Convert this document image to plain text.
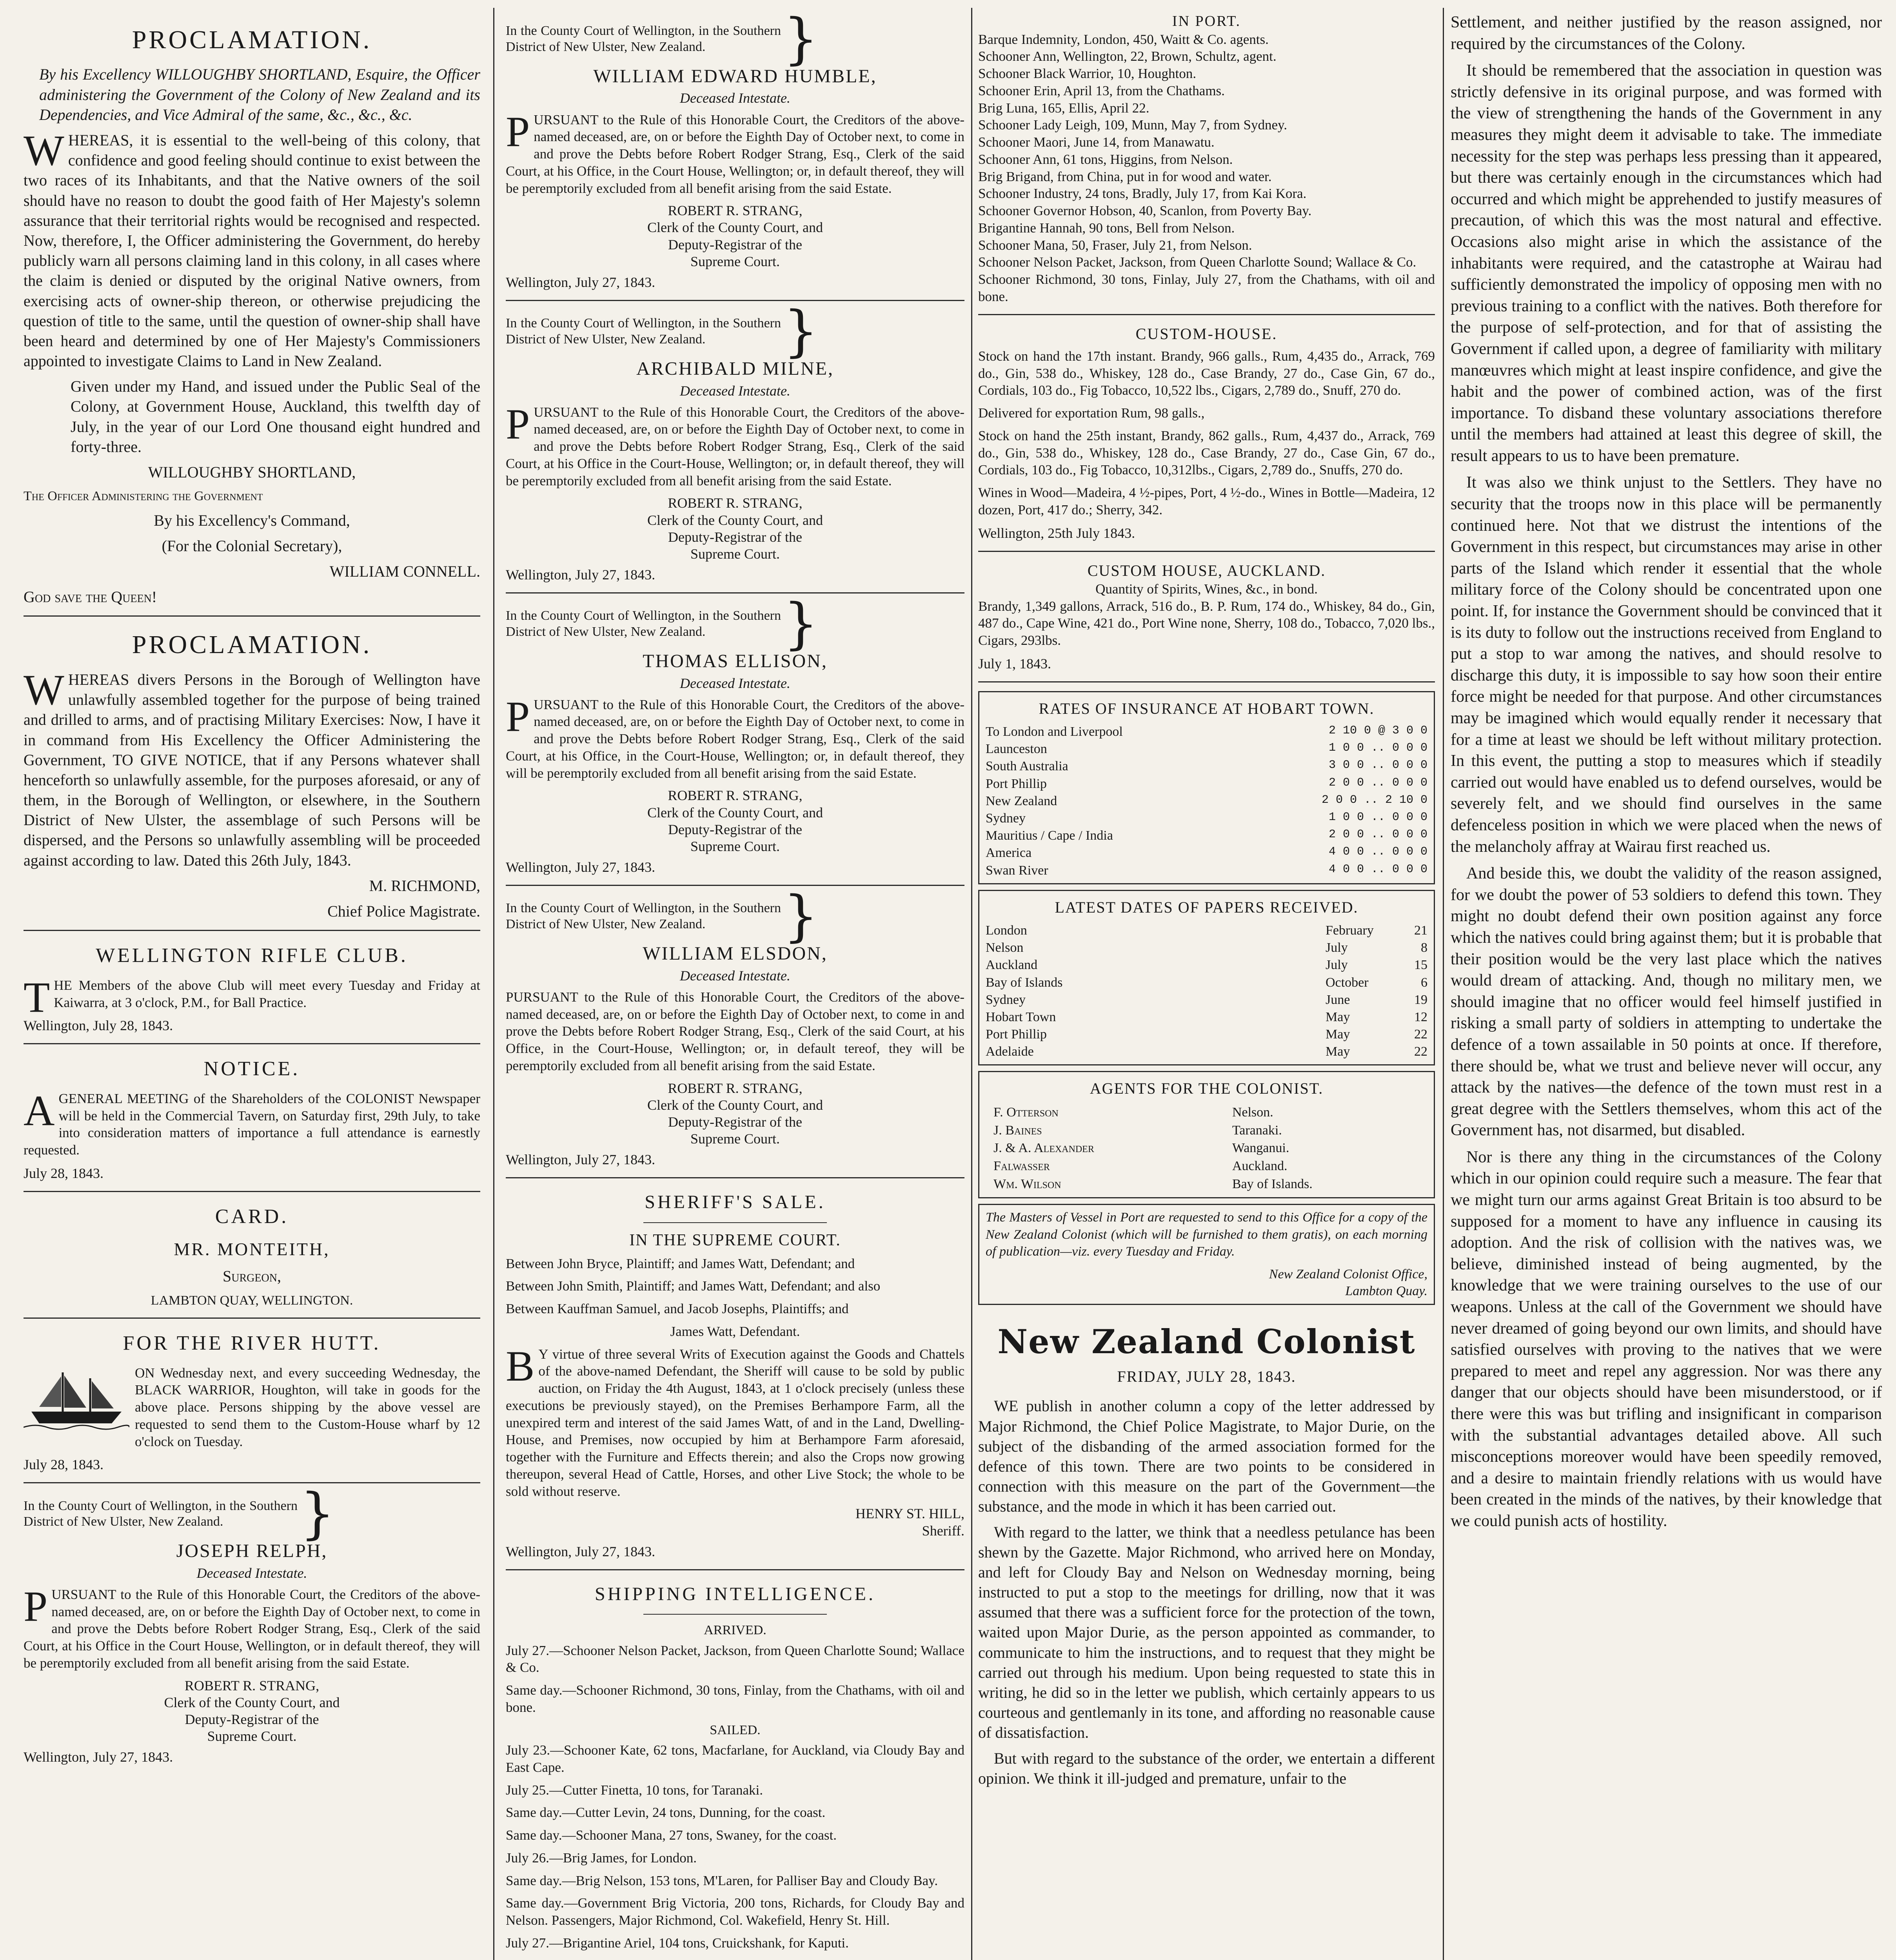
PROCLAMATION.

By his Excellency WILLOUGHBY SHORTLAND, Esquire, the Officer administering the Government of the Colony of New Zealand and its Dependencies, and Vice Admiral of the same, &c., &c., &c.

WHEREAS, it is essential to the well-being of this colony, that confidence and good feeling should continue to exist between the two races of its Inhabitants, and that the Native owners of the soil should have no reason to doubt the good faith of Her Majesty's solemn assurance that their territorial rights would be recognised and respected. Now, therefore, I, the Officer administering the Government, do hereby publicly warn all persons claiming land in this colony, in all cases where the claim is denied or disputed by the original Native owners, from exercising acts of owner-ship thereon, or otherwise prejudicing the question of title to the same, until the question of owner-ship shall have been heard and determined by one of Her Majesty's Commissioners appointed to investigate Claims to Land in New Zealand.

Given under my Hand, and issued under the Public Seal of the Colony, at Government House, Auckland, this twelfth day of July, in the year of our Lord One thousand eight hundred and forty-three.

WILLOUGHBY SHORTLAND,

The Officer Administering the Government

By his Excellency's Command,

(For the Colonial Secretary),

WILLIAM CONNELL.

God save the Queen!

PROCLAMATION.

WHEREAS divers Persons in the Borough of Wellington have unlawfully assembled together for the purpose of being trained and drilled to arms, and of practising Military Exercises: Now, I have it in command from His Excellency the Officer Administering the Government, TO GIVE NOTICE, that if any Persons whatever shall henceforth so unlawfully assemble, for the purposes aforesaid, or any of them, in the Borough of Wellington, or elsewhere, in the Southern District of New Ulster, the assemblage of such Persons will be dispersed, and the Persons so unlawfully assembling will be proceeded against according to law. Dated this 26th July, 1843.

M. RICHMOND,

Chief Police Magistrate.

WELLINGTON RIFLE CLUB.

THE Members of the above Club will meet every Tuesday and Friday at Kaiwarra, at 3 o'clock, P.M., for Ball Practice.

Wellington, July 28, 1843.

NOTICE.

AGENERAL MEETING of the Shareholders of the COLONIST Newspaper will be held in the Commercial Tavern, on Saturday first, 29th July, to take into consideration matters of importance a full attendance is earnestly requested.

July 28, 1843.

CARD.

MR. MONTEITH,

Surgeon,

LAMBTON QUAY, WELLINGTON.

FOR THE RIVER HUTT.

ON Wednesday next, and every succeeding Wednesday, the BLACK WARRIOR, Houghton, will take in goods for the above place. Persons shipping by the above vessel are requested to send them to the Custom-House wharf by 12 o'clock on Tuesday.

July 28, 1843.

In the County Court of Wellington, in the Southern District of New Ulster, New Zealand.	}
JOSEPH RELPH,
Deceased Intestate.

PURSUANT to the Rule of this Honorable Court, the Creditors of the above-named deceased, are, on or before the Eighth Day of October next, to come in and prove the Debts before Robert Rodger Strang, Esq., Clerk of the said Court, at his Office in the Court House, Wellington, or in default thereof, they will be peremptorily excluded from all benefit arising from the said Estate.

ROBERT R. STRANG,
Clerk of the County Court, and
Deputy-Registrar of the
Supreme Court.

Wellington, July 27, 1843.

In the County Court of Wellington, in the Southern District of New Ulster, New Zealand.	}
WILLIAM EDWARD HUMBLE,
Deceased Intestate.

PURSUANT to the Rule of this Honorable Court, the Creditors of the above-named deceased, are, on or before the Eighth Day of October next, to come in and prove the Debts before Robert Rodger Strang, Esq., Clerk of the said Court, at his Office, in the Court House, Wellington; or, in default thereof, they will be peremptorily excluded from all benefit arising from the said Estate.

ROBERT R. STRANG,
Clerk of the County Court, and
Deputy-Registrar of the
Supreme Court.

Wellington, July 27, 1843.

In the County Court of Wellington, in the Southern District of New Ulster, New Zealand.	}
ARCHIBALD MILNE,
Deceased Intestate.

PURSUANT to the Rule of this Honorable Court, the Creditors of the above-named deceased, are, on or before the Eighth Day of October next, to come in and prove the Debts before Robert Rodger Strang, Esq., Clerk of the said Court, at his Office in the Court-House, Wellington; or, in default thereof, they will be peremptorily excluded from all benefit arising from the said Estate.

ROBERT R. STRANG,
Clerk of the County Court, and
Deputy-Registrar of the
Supreme Court.

Wellington, July 27, 1843.

In the County Court of Wellington, in the Southern District of New Ulster, New Zealand.	}
THOMAS ELLISON,
Deceased Intestate.

PURSUANT to the Rule of this Honorable Court, the Creditors of the above-named deceased, are, on or before the Eighth Day of October next, to come in and prove the Debts before Robert Rodger Strang, Esq., Clerk of the said Court, at his Office, in the Court-House, Wellington; or, in default thereof, they will be peremptorily excluded from all benefit arising from the said Estate.

ROBERT R. STRANG,
Clerk of the County Court, and
Deputy-Registrar of the
Supreme Court.

Wellington, July 27, 1843.

In the County Court of Wellington, in the Southern District of New Ulster, New Zealand.	}
WILLIAM ELSDON,
Deceased Intestate.

PURSUANT to the Rule of this Honorable Court, the Creditors of the above-named deceased, are, on or before the Eighth Day of October next, to come in and prove the Debts before Robert Rodger Strang, Esq., Clerk of the said Court, at his Office, in the Court-House, Wellington; or, in default tereof, they will be peremptorily excluded from all benefit arising from the said Estate.

ROBERT R. STRANG,
Clerk of the County Court, and
Deputy-Registrar of the
Supreme Court.

Wellington, July 27, 1843.

SHERIFF'S SALE.
IN THE SUPREME COURT.

Between John Bryce, Plaintiff; and James Watt, Defendant; and

Between John Smith, Plaintiff; and James Watt, Defendant; and also

Between Kauffman Samuel, and Jacob Josephs, Plaintiffs; and

James Watt, Defendant.

BY virtue of three several Writs of Execution against the Goods and Chattels of the above-named Defendant, the Sheriff will cause to be sold by public auction, on Friday the 4th August, 1843, at 1 o'clock precisely (unless these executions be previously stayed), on the Premises Berhampore Farm, all the unexpired term and interest of the said James Watt, of and in the Land, Dwelling-House, and Premises, now occupied by him at Berhampore Farm aforesaid, together with the Furniture and Effects therein; and also the Crops now growing thereupon, several Head of Cattle, Horses, and other Live Stock; the whole to be sold without reserve.

HENRY ST. HILL,
Sheriff.

Wellington, July 27, 1843.

SHIPPING INTELLIGENCE.
ARRIVED.

July 27.—Schooner Nelson Packet, Jackson, from Queen Charlotte Sound; Wallace & Co.

Same day.—Schooner Richmond, 30 tons, Finlay, from the Chathams, with oil and bone.

SAILED.

July 23.—Schooner Kate, 62 tons, Macfarlane, for Auckland, via Cloudy Bay and East Cape.

July 25.—Cutter Finetta, 10 tons, for Taranaki.

Same day.—Cutter Levin, 24 tons, Dunning, for the coast.

Same day.—Schooner Mana, 27 tons, Swaney, for the coast.

July 26.—Brig James, for London.

Same day.—Brig Nelson, 153 tons, M'Laren, for Palliser Bay and Cloudy Bay.

Same day.—Government Brig Victoria, 200 tons, Richards, for Cloudy Bay and Nelson. Passengers, Major Richmond, Col. Wakefield, Henry St. Hill.

July 27.—Brigantine Ariel, 104 tons, Cruickshank, for Kaputi.

IN PORT.
Barque Indemnity, London, 450, Waitt & Co. agents.
Schooner Ann, Wellington, 22, Brown, Schultz, agent.
Schooner Black Warrior, 10, Houghton.
Schooner Erin, April 13, from the Chathams.
Brig Luna, 165, Ellis, April 22.
Schooner Lady Leigh, 109, Munn, May 7, from Sydney.
Schooner Maori, June 14, from Manawatu.
Schooner Ann, 61 tons, Higgins, from Nelson.
Brig Brigand, from China, put in for wood and water.
Schooner Industry, 24 tons, Bradly, July 17, from Kai Kora.
Schooner Governor Hobson, 40, Scanlon, from Poverty Bay.
Brigantine Hannah, 90 tons, Bell from Nelson.
Schooner Mana, 50, Fraser, July 21, from Nelson.
Schooner Nelson Packet, Jackson, from Queen Charlotte Sound; Wallace & Co.
Schooner Richmond, 30 tons, Finlay, July 27, from the Chathams, with oil and bone.
CUSTOM-HOUSE.

Stock on hand the 17th instant. Brandy, 966 galls., Rum, 4,435 do., Arrack, 769 do., Gin, 538 do., Whiskey, 128 do., Case Brandy, 27 do., Case Gin, 67 do., Cordials, 103 do., Fig Tobacco, 10,522 lbs., Cigars, 2,789 do., Snuff, 270 do.

Delivered for exportation Rum, 98 galls.,

Stock on hand the 25th instant, Brandy, 862 galls., Rum, 4,437 do., Arrack, 769 do., Gin, 538 do., Whiskey, 128 do., Case Brandy, 27 do., Case Gin, 67 do., Cordials, 103 do., Fig Tobacco, 10,312lbs., Cigars, 2,789 do., Snuffs, 270 do.

Wines in Wood—Madeira, 4 ½-pipes, Port, 4 ½-do., Wines in Bottle—Madeira, 12 dozen, Port, 417 do.; Sherry, 342.

Wellington, 25th July 1843.

CUSTOM HOUSE, AUCKLAND.
Quantity of Spirits, Wines, &c., in bond.

Brandy, 1,349 gallons, Arrack, 516 do., B. P. Rum, 174 do., Whiskey, 84 do., Gin, 487 do., Cape Wine, 421 do., Port Wine none, Sherry, 108 do., Tobacco, 7,020 lbs., Cigars, 293lbs.

July 1, 1843.

RATES OF INSURANCE AT HOBART TOWN.
To London and Liverpool	2 10 0 @ 3 0 0
Launceston	1 0 0 .. 0 0 0
South Australia	3 0 0 .. 0 0 0
Port Phillip	2 0 0 .. 0 0 0
New Zealand	2 0 0 .. 2 10 0
Sydney	1 0 0 .. 0 0 0
Mauritius / Cape / India	2 0 0 .. 0 0 0
America	4 0 0 .. 0 0 0
Swan River	4 0 0 .. 0 0 0
LATEST DATES OF PAPERS RECEIVED.
London	February	21
Nelson	July	8
Auckland	July	15
Bay of Islands	October	6
Sydney	June	19
Hobart Town	May	12
Port Phillip	May	22
Adelaide	May	22
AGENTS FOR THE COLONIST.
F. Otterson	Nelson.
J. Baines	Taranaki.
J. & A. Alexander	Wanganui.
Falwasser	Auckland.
Wm. Wilson	Bay of Islands.

The Masters of Vessel in Port are requested to send to this Office for a copy of the New Zealand Colonist (which will be furnished to them gratis), on each morning of publication—viz. every Tuesday and Friday.

New Zealand Colonist Office,
Lambton Quay.
New Zealand Colonist
FRIDAY, JULY 28, 1843.

WE publish in another column a copy of the letter addressed by Major Richmond, the Chief Police Magistrate, to Major Durie, on the subject of the disbanding of the armed association formed for the defence of this town. There are two points to be considered in connection with this measure on the part of the Government—the substance, and the mode in which it has been carried out.

With regard to the latter, we think that a needless petulance has been shewn by the Gazette. Major Richmond, who arrived here on Monday, and left for Cloudy Bay and Nelson on Wednesday morning, being instructed to put a stop to the meetings for drilling, now that it was assumed that there was a sufficient force for the protection of the town, waited upon Major Durie, as the person appointed as commander, to communicate to him the instructions, and to request that they might be carried out through his medium. Upon being requested to state this in writing, he did so in the letter we publish, which certainly appears to us courteous and gentlemanly in its tone, and affording no reasonable cause of dissatisfaction.

But with regard to the substance of the order, we entertain a different opinion. We think it ill-judged and premature, unfair to the

Settlement, and neither justified by the reason assigned, nor required by the circumstances of the Colony.

It should be remembered that the association in question was strictly defensive in its original purpose, and was formed with the view of strengthening the hands of the Government in any measures they might deem it advisable to take. The immediate necessity for the step was perhaps less pressing than it appeared, but there was certainly enough in the circumstances which had occurred and which might be apprehended to justify measures of precaution, of which this was the most natural and effective. Occasions also might arise in which the assistance of the inhabitants were required, and the catastrophe at Wairau had sufficiently demonstrated the impolicy of opposing men with no previous training to a conflict with the natives. Both therefore for the purpose of self-protection, and for that of assisting the Government if called upon, a degree of familiarity with military manœuvres which might at least inspire confidence, and give the habit and the power of combined action, was of the first importance. To disband these voluntary associations therefore until the members had attained at least this degree of skill, the result appears to us to have been premature.

It was also we think unjust to the Settlers. They have no security that the troops now in this place will be permanently continued here. Not that we distrust the intentions of the Government in this respect, but circumstances may arise in other parts of the Island which render it essential that the whole military force of the Colony should be concentrated upon one point. If, for instance the Government should be convinced that it is its duty to follow out the instructions received from England to put a stop to war among the natives, and should resolve to discharge this duty, it is impossible to say how soon their entire force might be needed for that purpose. And other circumstances may be imagined which would equally render it necessary that for a time at least we should be left without military protection. In this event, the putting a stop to measures which if steadily carried out would have enabled us to defend ourselves, would be severely felt, and we should find ourselves in the same defenceless position in which we were placed when the news of the melancholy affray at Wairau first reached us.

And beside this, we doubt the validity of the reason assigned, for we doubt the power of 53 soldiers to defend this town. They might no doubt defend their own position against any force which the natives could bring against them; but it is probable that their position would be the very last place which the natives would dream of attacking. And, though no military men, we should imagine that no officer would feel himself justified in risking a small party of soldiers in attempting to undertake the defence of a town assailable in 50 points at once. If therefore, there should be, what we trust and believe never will occur, any attack by the natives—the defence of the town must rest in a great degree with the Settlers themselves, whom this act of the Government has, not disarmed, but disabled.

Nor is there any thing in the circumstances of the Colony which in our opinion could require such a measure. The fear that we might turn our arms against Great Britain is too absurd to be supposed for a moment to have any influence in causing its adoption. And the risk of collision with the natives was, we believe, diminished instead of being augmented, by the knowledge that we were training ourselves to the use of our weapons. Unless at the call of the Government we should have never dreamed of going beyond our own limits, and should have satisfied ourselves with proving to the natives that we were prepared to meet and repel any aggression. Nor was there any danger that our objects should have been misunderstood, or if there were this was but trifling and insignificant in comparison with the substantial advantages detailed above. All such misconceptions moreover would have been speedily removed, and a desire to maintain friendly relations with us would have been created in the minds of the natives, by their knowledge that we could punish acts of hostility.
